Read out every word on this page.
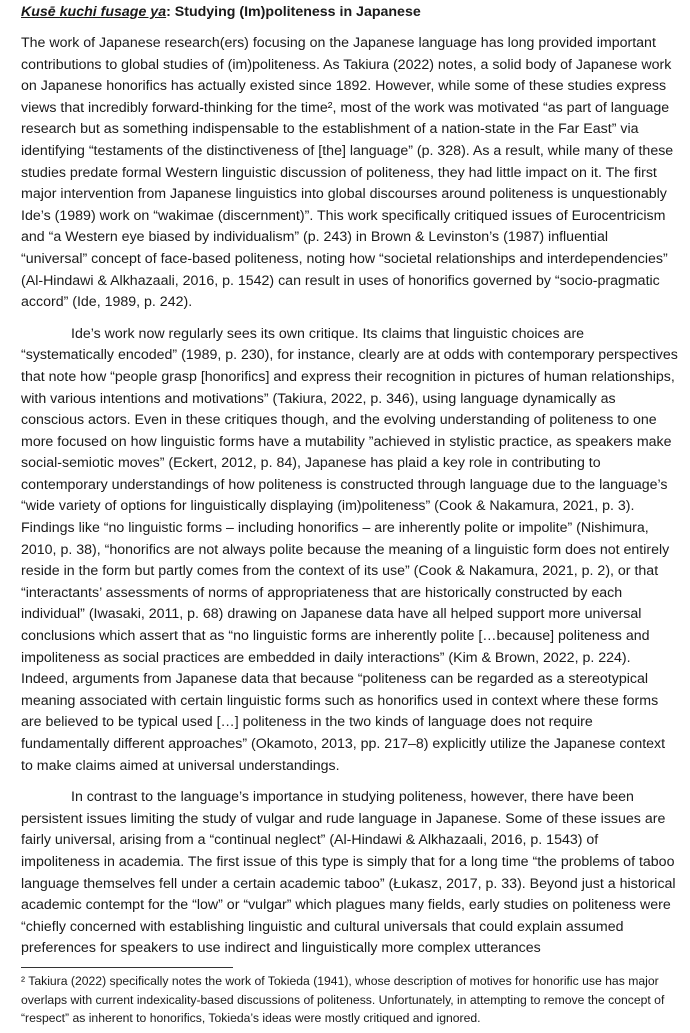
Kusē kuchi fusage ya: Studying (Im)politeness in Japanese

The work of Japanese research(ers) focusing on the Japanese language has long provided important contributions to global studies of (im)politeness. As Takiura (2022) notes, a solid body of Japanese work on Japanese honorifics has actually existed since 1892. However, while some of these studies express views that incredibly forward-thinking for the time², most of the work was motivated “as part of language research but as something indispensable to the establishment of a nation-state in the Far East” via identifying “testaments of the distinctiveness of [the] language” (p. 328). As a result, while many of these studies predate formal Western linguistic discussion of politeness, they had little impact on it. The first major intervention from Japanese linguistics into global discourses around politeness is unquestionably Ide’s (1989) work on “wakimae (discernment)”. This work specifically critiqued issues of Eurocentricism and “a Western eye biased by individualism” (p. 243) in Brown & Levinston’s (1987) influential “universal” concept of face-based politeness, noting how “societal relationships and interdependencies” (Al-Hindawi & Alkhazaali, 2016, p. 1542) can result in uses of honorifics governed by “socio-pragmatic accord” (Ide, 1989, p. 242).

Ide’s work now regularly sees its own critique. Its claims that linguistic choices are “systematically encoded” (1989, p. 230), for instance, clearly are at odds with contemporary perspectives that note how “people grasp [honorifics] and express their recognition in pictures of human relationships, with various intentions and motivations” (Takiura, 2022, p. 346), using language dynamically as conscious actors. Even in these critiques though, and the evolving understanding of politeness to one more focused on how linguistic forms have a mutability ”achieved in stylistic practice, as speakers make social-semiotic moves” (Eckert, 2012, p. 84), Japanese has plaid a key role in contributing to contemporary understandings of how politeness is constructed through language due to the language’s “wide variety of options for linguistically displaying (im)politeness” (Cook & Nakamura, 2021, p. 3). Findings like “no linguistic forms – including honorifics – are inherently polite or impolite” (Nishimura, 2010, p. 38), “honorifics are not always polite because the meaning of a linguistic form does not entirely reside in the form but partly comes from the context of its use” (Cook & Nakamura, 2021, p. 2), or that “interactants’ assessments of norms of appropriateness that are historically constructed by each individual” (Iwasaki, 2011, p. 68) drawing on Japanese data have all helped support more universal conclusions which assert that as “no linguistic forms are inherently polite […because] politeness and impoliteness as social practices are embedded in daily interactions” (Kim & Brown, 2022, p. 224). Indeed, arguments from Japanese data that because “politeness can be regarded as a stereotypical meaning associated with certain linguistic forms such as honorifics used in context where these forms are believed to be typical used […] politeness in the two kinds of language does not require fundamentally different approaches” (Okamoto, 2013, pp. 217–8) explicitly utilize the Japanese context to make claims aimed at universal understandings.

In contrast to the language’s importance in studying politeness, however, there have been persistent issues limiting the study of vulgar and rude language in Japanese. Some of these issues are fairly universal, arising from a “continual neglect” (Al-Hindawi & Alkhazaali, 2016, p. 1543) of impoliteness in academia. The first issue of this type is simply that for a long time “the problems of taboo language themselves fell under a certain academic taboo” (Łukasz, 2017, p. 33). Beyond just a historical academic contempt for the “low” or “vulgar” which plagues many fields, early studies on politeness were “chiefly concerned with establishing linguistic and cultural universals that could explain assumed preferences for speakers to use indirect and linguistically more complex utterances

² Takiura (2022) specifically notes the work of Tokieda (1941), whose description of motives for honorific use has major overlaps with current indexicality-based discussions of politeness. Unfortunately, in attempting to remove the concept of “respect” as inherent to honorifics, Tokieda’s ideas were mostly critiqued and ignored.
